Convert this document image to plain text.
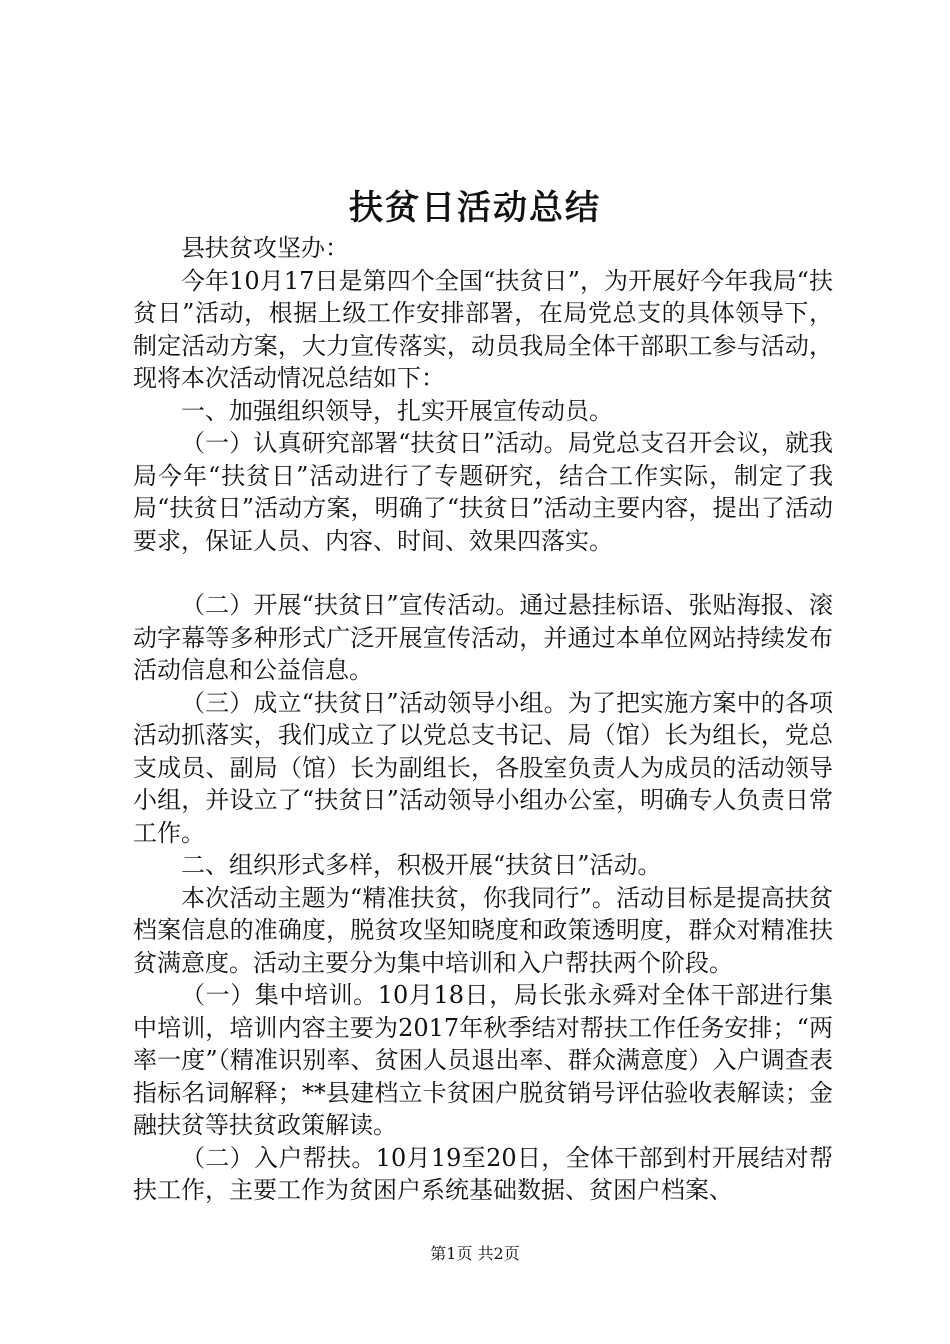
扶贫日活动总结

县扶贫攻坚办：

今年10月17日是第四个全国“扶贫日”，为开展好今年我局“扶贫日”活动，根据上级工作安排部署，在局党总支的具体领导下，制定活动方案，大力宣传落实，动员我局全体干部职工参与活动，现将本次活动情况总结如下：

一、加强组织领导，扎实开展宣传动员。

（一）认真研究部署“扶贫日”活动。局党总支召开会议，就我局今年“扶贫日”活动进行了专题研究，结合工作实际，制定了我局“扶贫日”活动方案，明确了“扶贫日”活动主要内容，提出了活动要求，保证人员、内容、时间、效果四落实。

（二）开展“扶贫日”宣传活动。通过悬挂标语、张贴海报、滚动字幕等多种形式广泛开展宣传活动，并通过本单位网站持续发布活动信息和公益信息。

（三）成立“扶贫日”活动领导小组。为了把实施方案中的各项活动抓落实，我们成立了以党总支书记、局（馆）长为组长，党总支成员、副局（馆）长为副组长，各股室负责人为成员的活动领导小组，并设立了“扶贫日”活动领导小组办公室，明确专人负责日常工作。

二、组织形式多样，积极开展“扶贫日”活动。

本次活动主题为“精准扶贫，你我同行”。活动目标是提高扶贫档案信息的准确度，脱贫攻坚知晓度和政策透明度，群众对精准扶贫满意度。活动主要分为集中培训和入户帮扶两个阶段。

（一）集中培训。10月18日，局长张永舜对全体干部进行集中培训，培训内容主要为2017年秋季结对帮扶工作任务安排；“两率一度”（精准识别率、贫困人员退出率、群众满意度）入户调查表指标名词解释；**县建档立卡贫困户脱贫销号评估验收表解读；金融扶贫等扶贫政策解读。

（二）入户帮扶。10月19至20日，全体干部到村开展结对帮扶工作，主要工作为贫困户系统基础数据、贫困户档案、

第1页 共2页
